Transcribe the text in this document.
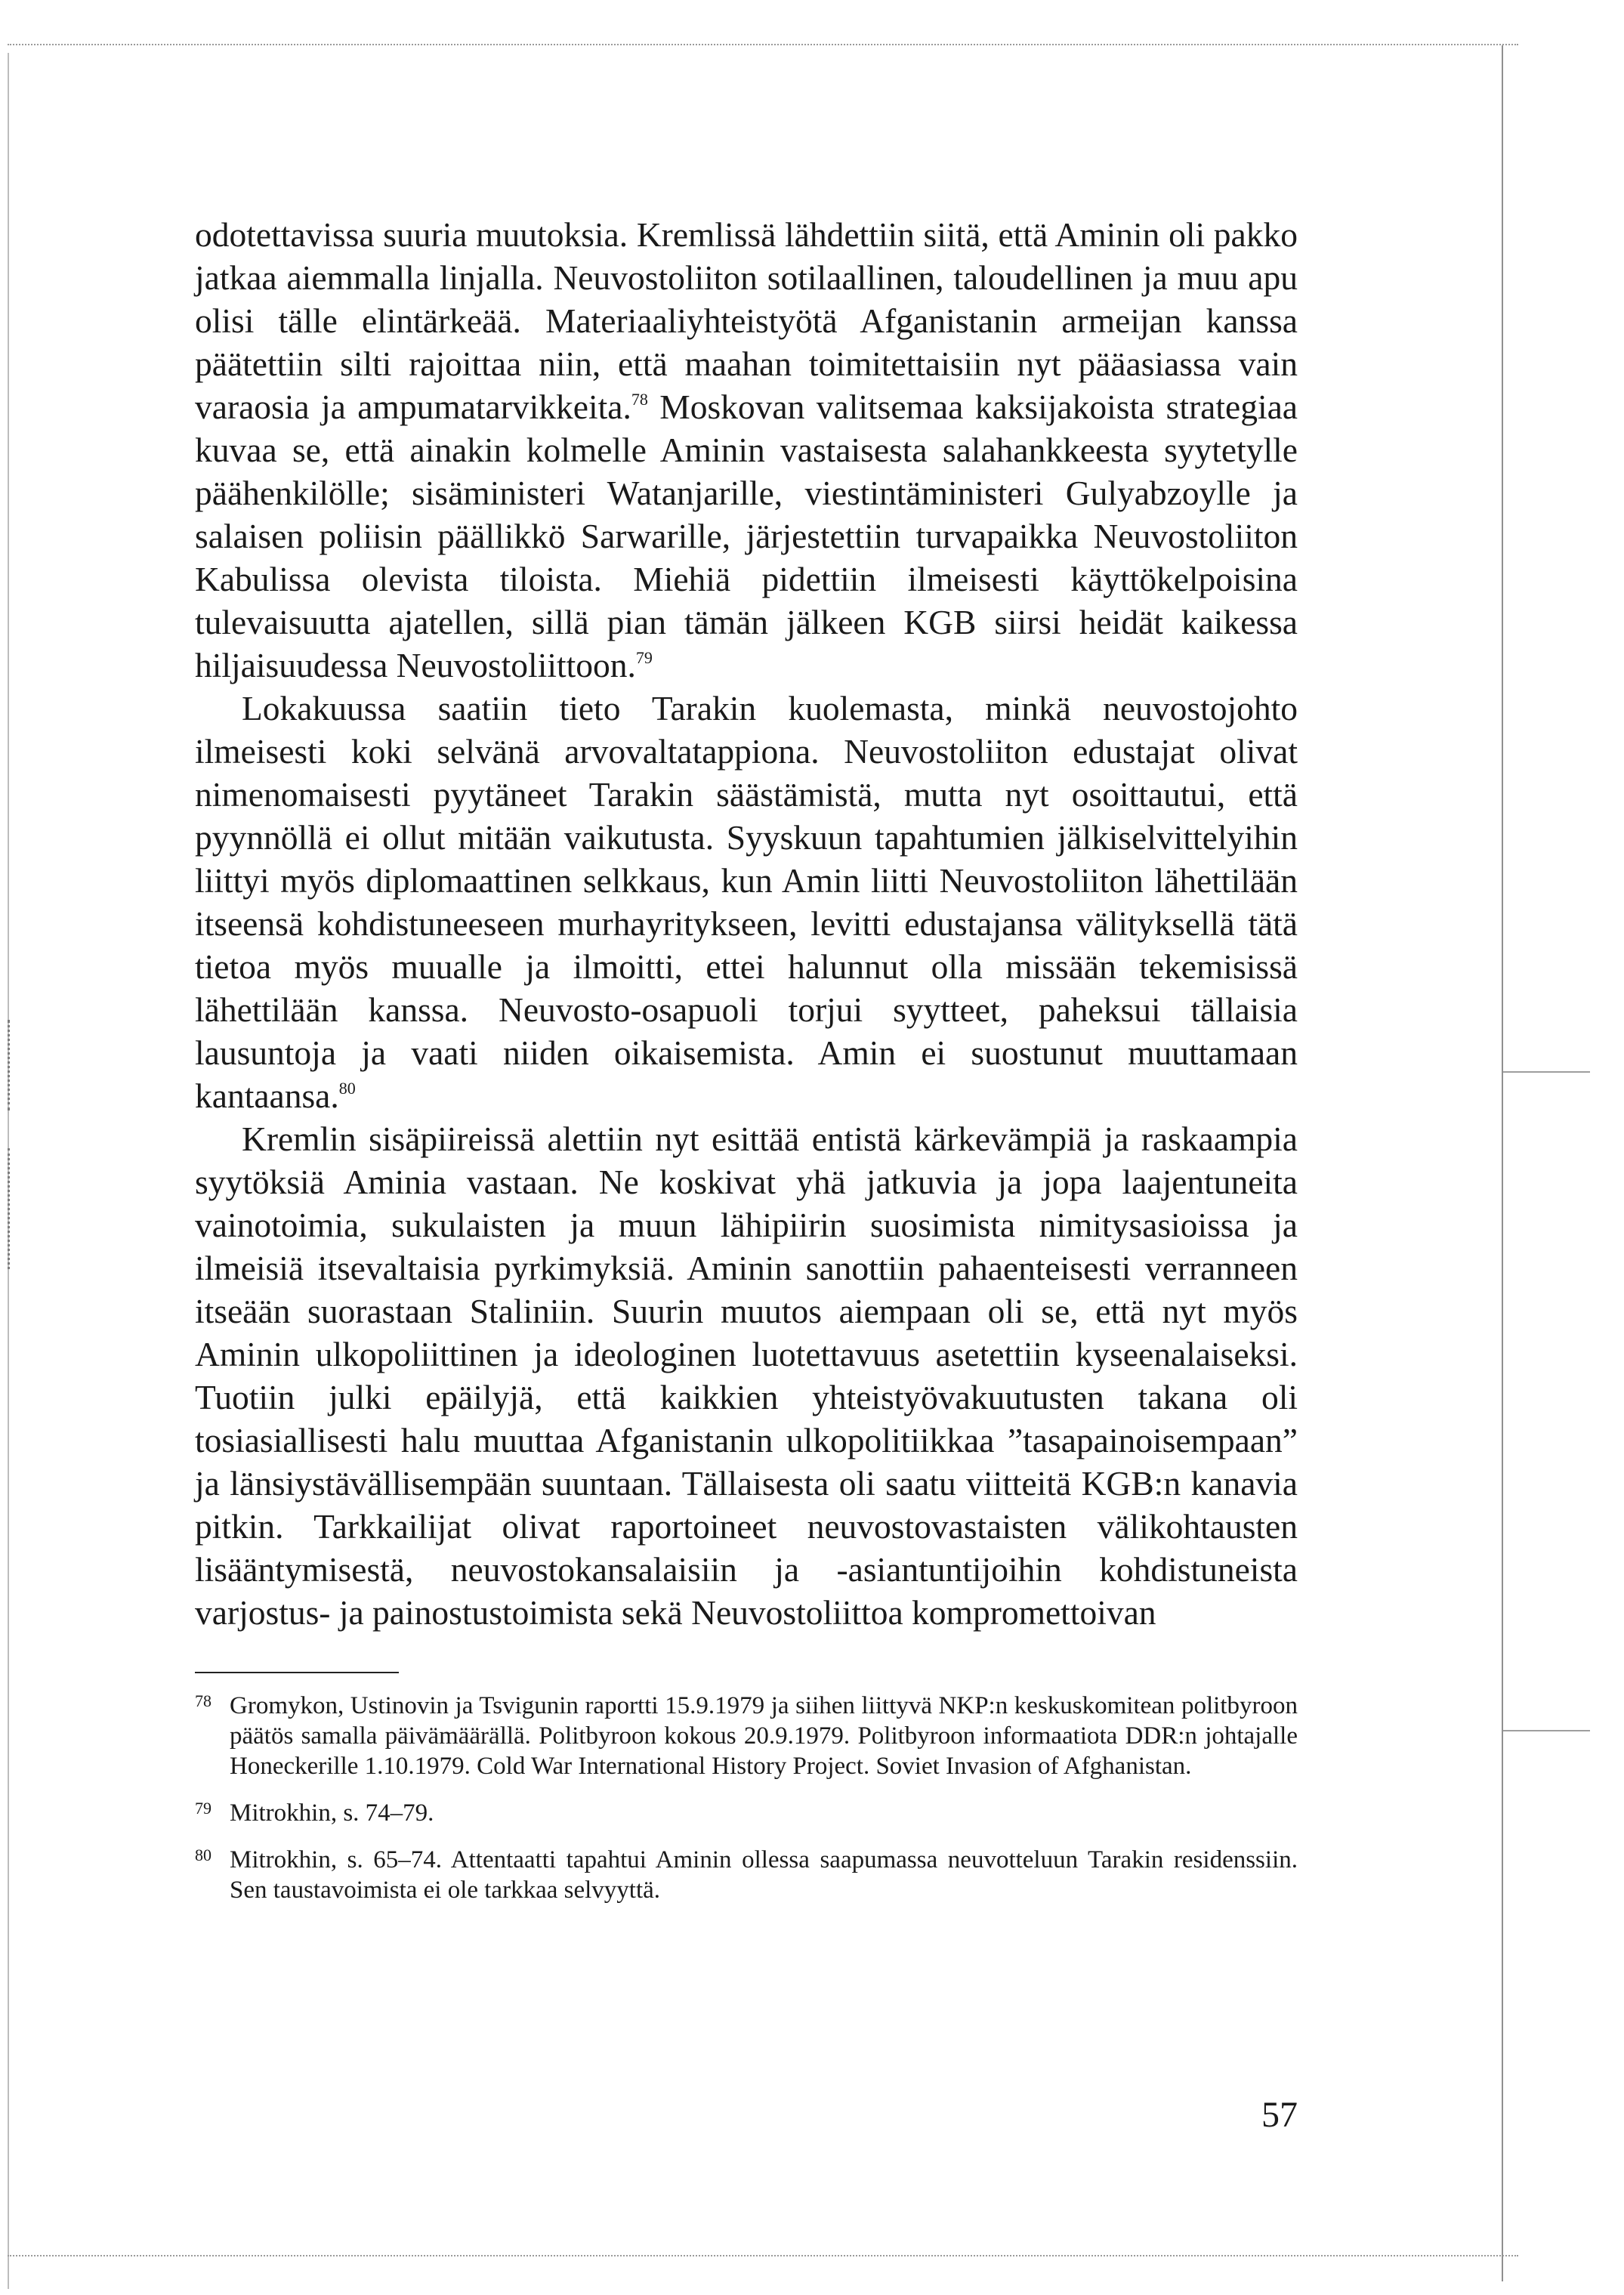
odotettavissa suuria muutoksia. Kremlissä lähdettiin siitä, että Aminin oli pakko jatkaa aiemmalla linjalla. Neuvostoliiton sotilaallinen, taloudellinen ja muu apu olisi tälle elintärkeää. Materiaaliyhteistyötä Afganistanin armeijan kanssa päätettiin silti rajoittaa niin, että maahan toimitettaisiin nyt pääasiassa vain varaosia ja ampumatarvikkeita.$^{78}$ Moskovan valitsemaa kaksijakoista strategiaa kuvaa se, että ainakin kolmelle Aminin vastaisesta salahankkeesta syytetylle päähenkilölle; sisäministeri Watanjarille, viestintäministeri Gulyabzoylle ja salaisen poliisin päällikkö Sarwarille, järjestettiin turvapaikka Neuvostoliiton Kabulissa olevista tiloista. Miehiä pidettiin ilmeisesti käyttökelpoisina tulevaisuutta ajatellen, sillä pian tämän jälkeen KGB siirsi heidät kaikessa hiljaisuudessa Neuvostoliittoon.$^{79}$

Lokakuussa saatiin tieto Tarakin kuolemasta, minkä neuvostojohto ilmeisesti koki selvänä arvovaltatappiona. Neuvostoliiton edustajat olivat nimenomaisesti pyytäneet Tarakin säästämistä, mutta nyt osoittautui, että pyynnöllä ei ollut mitään vaikutusta. Syyskuun tapahtumien jälkiselvittelyihin liittyi myös diplomaattinen selkkaus, kun Amin liitti Neuvostoliiton lähettilään itseensä kohdistuneeseen murhayritykseen, levitti edustajansa välityksellä tätä tietoa myös muualle ja ilmoitti, ettei halunnut olla missään tekemisissä lähettilään kanssa. Neuvosto-osapuoli torjui syytteet, paheksui tällaisia lausuntoja ja vaati niiden oikaisemista. Amin ei suostunut muuttamaan kantaansa.$^{80}$

Kremlin sisäpiireissä alettiin nyt esittää entistä kärkevämpiä ja raskaampia syytöksiä Aminia vastaan. Ne koskivat yhä jatkuvia ja jopa laajentuneita vainotoimia, sukulaisten ja muun lähipiirin suosimista nimitysasioissa ja ilmeisiä itsevaltaisia pyrkimyksiä. Aminin sanottiin pahaenteisesti verranneen itseään suorastaan Staliniin. Suurin muutos aiempaan oli se, että nyt myös Aminin ulkopoliittinen ja ideologinen luotettavuus asetettiin kyseenalaiseksi. Tuotiin julki epäilyjä, että kaikkien yhteistyövakuutusten takana oli tosiasiallisesti halu muuttaa Afganistanin ulkopolitiikkaa ”tasapainoisempaan” ja länsiystävällisempään suuntaan. Tällaisesta oli saatu viitteitä KGB:n kanavia pitkin. Tarkkailijat olivat raportoineet neuvostovastaisten välikohtausten lisääntymisestä, neuvostokansalaisiin ja -asiantuntijoihin kohdistuneista varjostus- ja painostustoimista sekä Neuvostoliittoa kompromettoivan

78 Gromykon, Ustinovin ja Tsvigunin raportti 15.9.1979 ja siihen liittyvä NKP:n keskuskomitean politbyroon päätös samalla päivämäärällä. Politbyroon kokous 20.9.1979. Politbyroon informaatiota DDR:n johtajalle Honeckerille 1.10.1979. Cold War International History Project. Soviet Invasion of Afghanistan.
79 Mitrokhin, s. 74–79.
80 Mitrokhin, s. 65–74. Attentaatti tapahtui Aminin ollessa saapumassa neuvotteluun Tarakin residenssiin. Sen taustavoimista ei ole tarkkaa selvyyttä.
57
